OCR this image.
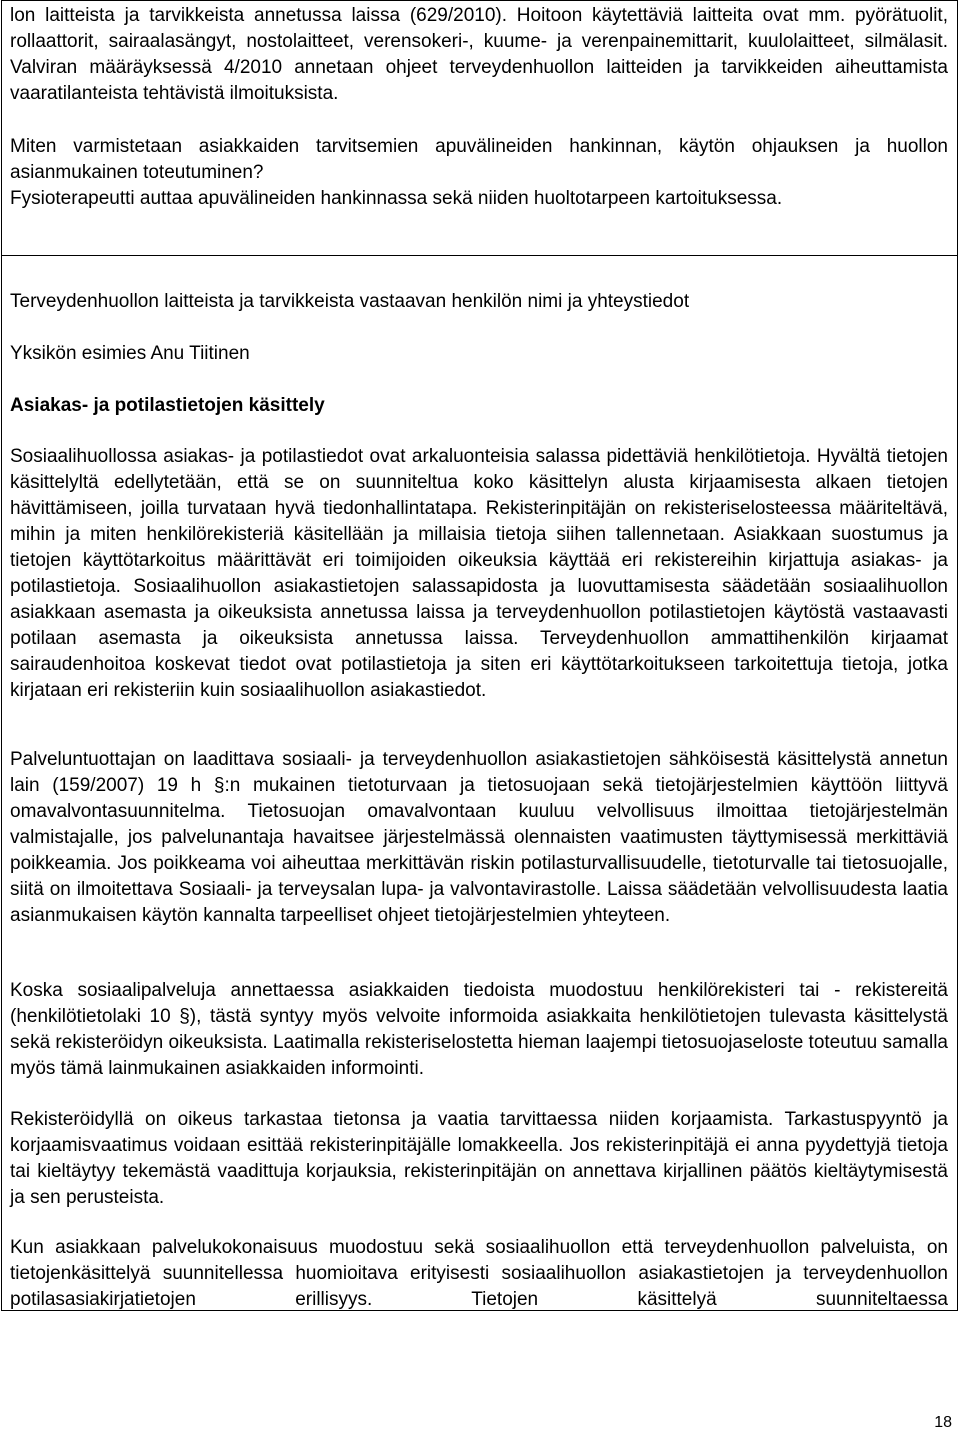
lon laitteista ja tarvikkeista annetussa laissa (629/2010). Hoitoon käytettäviä laitteita ovat mm. pyörätuolit, rollaattorit, sairaalasängyt, nostolaitteet, verensokeri-, kuume- ja verenpainemittarit, kuulolaitteet, silmälasit. Valviran määräyksessä 4/2010 annetaan ohjeet terveydenhuollon laitteiden ja tarvikkeiden aiheuttamista vaaratilanteista tehtävistä ilmoituksista.

Miten varmistetaan asiakkaiden tarvitsemien apuvälineiden hankinnan, käytön ohjauksen ja huollon asianmukainen toteutuminen?

Fysioterapeutti auttaa apuvälineiden hankinnassa sekä niiden huoltotarpeen kartoituksessa.

Terveydenhuollon laitteista ja tarvikkeista vastaavan henkilön nimi ja yhteystiedot

Yksikön esimies Anu Tiitinen

Asiakas- ja potilastietojen käsittely

Sosiaalihuollossa asiakas- ja potilastiedot ovat arkaluonteisia salassa pidettäviä henkilötietoja. Hyvältä tietojen käsittelyltä edellytetään, että se on suunniteltua koko käsittelyn alusta kirjaamisesta alkaen tietojen hävittämiseen, joilla turvataan hyvä tiedonhallintatapa. Rekisterinpitäjän on rekisteriselosteessa määriteltävä, mihin ja miten henkilörekisteriä käsitellään ja millaisia tietoja siihen tallennetaan. Asiakkaan suostumus ja tietojen käyttötarkoitus määrittävät eri toimijoiden oikeuksia käyttää eri rekistereihin kirjattuja asiakas- ja potilastietoja. Sosiaalihuollon asiakastietojen salassapidosta ja luovuttamisesta säädetään sosiaalihuollon asiakkaan asemasta ja oikeuksista annetussa laissa ja terveydenhuollon potilastietojen käytöstä vastaavasti potilaan asemasta ja oikeuksista annetussa laissa. Terveydenhuollon ammattihenkilön kirjaamat sairaudenhoitoa koskevat tiedot ovat potilastietoja ja siten eri käyttötarkoitukseen tarkoitettuja tietoja, jotka kirjataan eri rekisteriin kuin sosiaalihuollon asiakastiedot.

Palveluntuottajan on laadittava sosiaali- ja terveydenhuollon asiakastietojen sähköisestä käsittelystä annetun lain (159/2007) 19 h §:n mukainen tietoturvaan ja tietosuojaan sekä tietojärjestelmien käyttöön liittyvä omavalvontasuunnitelma. Tietosuojan omavalvontaan kuuluu velvollisuus ilmoittaa tietojärjestelmän valmistajalle, jos palvelunantaja havaitsee järjestelmässä olennaisten vaatimusten täyttymisessä merkittäviä poikkeamia. Jos poikkeama voi aiheuttaa merkittävän riskin potilasturvallisuudelle, tietoturvalle tai tietosuojalle, siitä on ilmoitettava Sosiaali- ja terveysalan lupa- ja valvontavirastolle. Laissa säädetään velvollisuudesta laatia asianmukaisen käytön kannalta tarpeelliset ohjeet tietojärjestelmien yhteyteen.

Koska sosiaalipalveluja annettaessa asiakkaiden tiedoista muodostuu henkilörekisteri tai - rekistereitä (henkilötietolaki 10 §), tästä syntyy myös velvoite informoida asiakkaita henkilötietojen tulevasta käsittelystä sekä rekisteröidyn oikeuksista. Laatimalla rekisteriselostetta hieman laajempi tietosuojaseloste toteutuu samalla myös tämä lainmukainen asiakkaiden informointi.

Rekisteröidyllä on oikeus tarkastaa tietonsa ja vaatia tarvittaessa niiden korjaamista. Tarkastuspyyntö ja korjaamisvaatimus voidaan esittää rekisterinpitäjälle lomakkeella. Jos rekisterinpitäjä ei anna pyydettyjä tietoja tai kieltäytyy tekemästä vaadittuja korjauksia, rekisterinpitäjän on annettava kirjallinen päätös kieltäytymisestä ja sen perusteista.

Kun asiakkaan palvelukokonaisuus muodostuu sekä sosiaalihuollon että terveydenhuollon palveluista, on tietojenkäsittelyä suunnitellessa huomioitava erityisesti sosiaalihuollon asiakastietojen ja terveydenhuollon potilasasiakirjatietojen erillisyys. Tietojen käsittelyä suunniteltaessa

18
